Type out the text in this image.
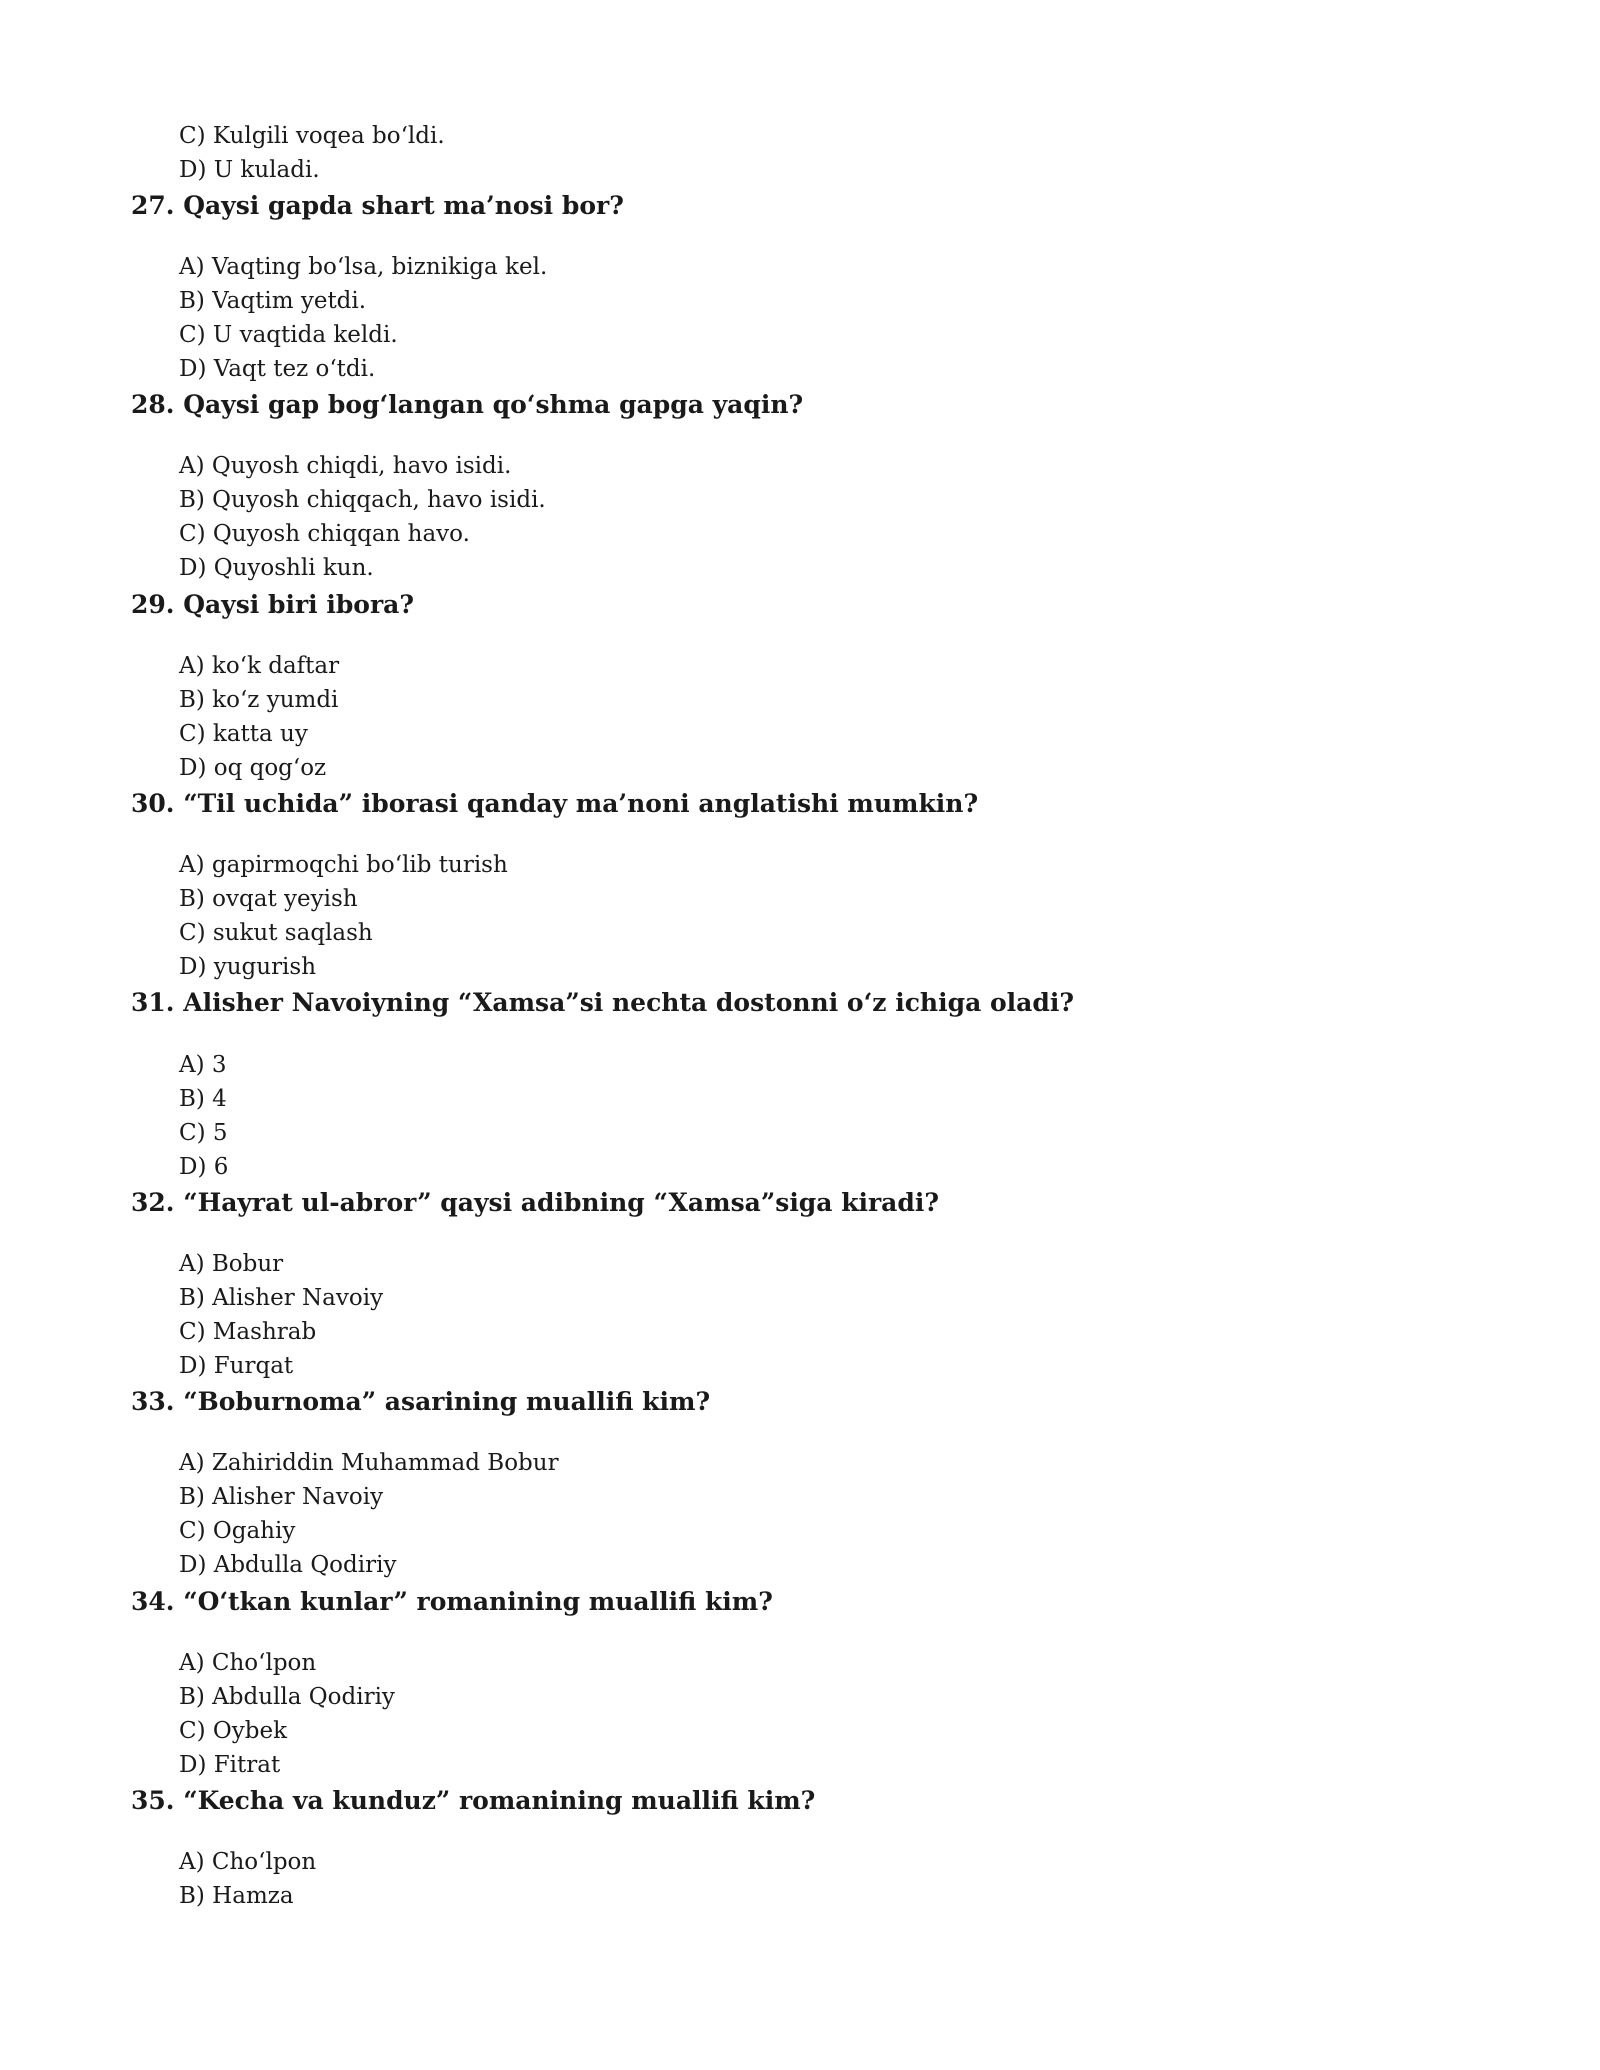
C) Kulgili voqea bo‘ldi.
D) U kuladi.
27. Qaysi gapda shart ma’nosi bor?
A) Vaqting bo‘lsa, biznikiga kel.
B) Vaqtim yetdi.
C) U vaqtida keldi.
D) Vaqt tez o‘tdi.
28. Qaysi gap bog‘langan qo‘shma gapga yaqin?
A) Quyosh chiqdi, havo isidi.
B) Quyosh chiqqach, havo isidi.
C) Quyosh chiqqan havo.
D) Quyoshli kun.
29. Qaysi biri ibora?
A) ko‘k daftar
B) ko‘z yumdi
C) katta uy
D) oq qog‘oz
30. “Til uchida” iborasi qanday ma’noni anglatishi mumkin?
A) gapirmoqchi bo‘lib turish
B) ovqat yeyish
C) sukut saqlash
D) yugurish
31. Alisher Navoiyning “Xamsa”si nechta dostonni o‘z ichiga oladi?
A) 3
B) 4
C) 5
D) 6
32. “Hayrat ul-abror” qaysi adibning “Xamsa”siga kiradi?
A) Bobur
B) Alisher Navoiy
C) Mashrab
D) Furqat
33. “Boburnoma” asarining muallifi kim?
A) Zahiriddin Muhammad Bobur
B) Alisher Navoiy
C) Ogahiy
D) Abdulla Qodiriy
34. “O‘tkan kunlar” romanining muallifi kim?
A) Cho‘lpon
B) Abdulla Qodiriy
C) Oybek
D) Fitrat
35. “Kecha va kunduz” romanining muallifi kim?
A) Cho‘lpon
B) Hamza
